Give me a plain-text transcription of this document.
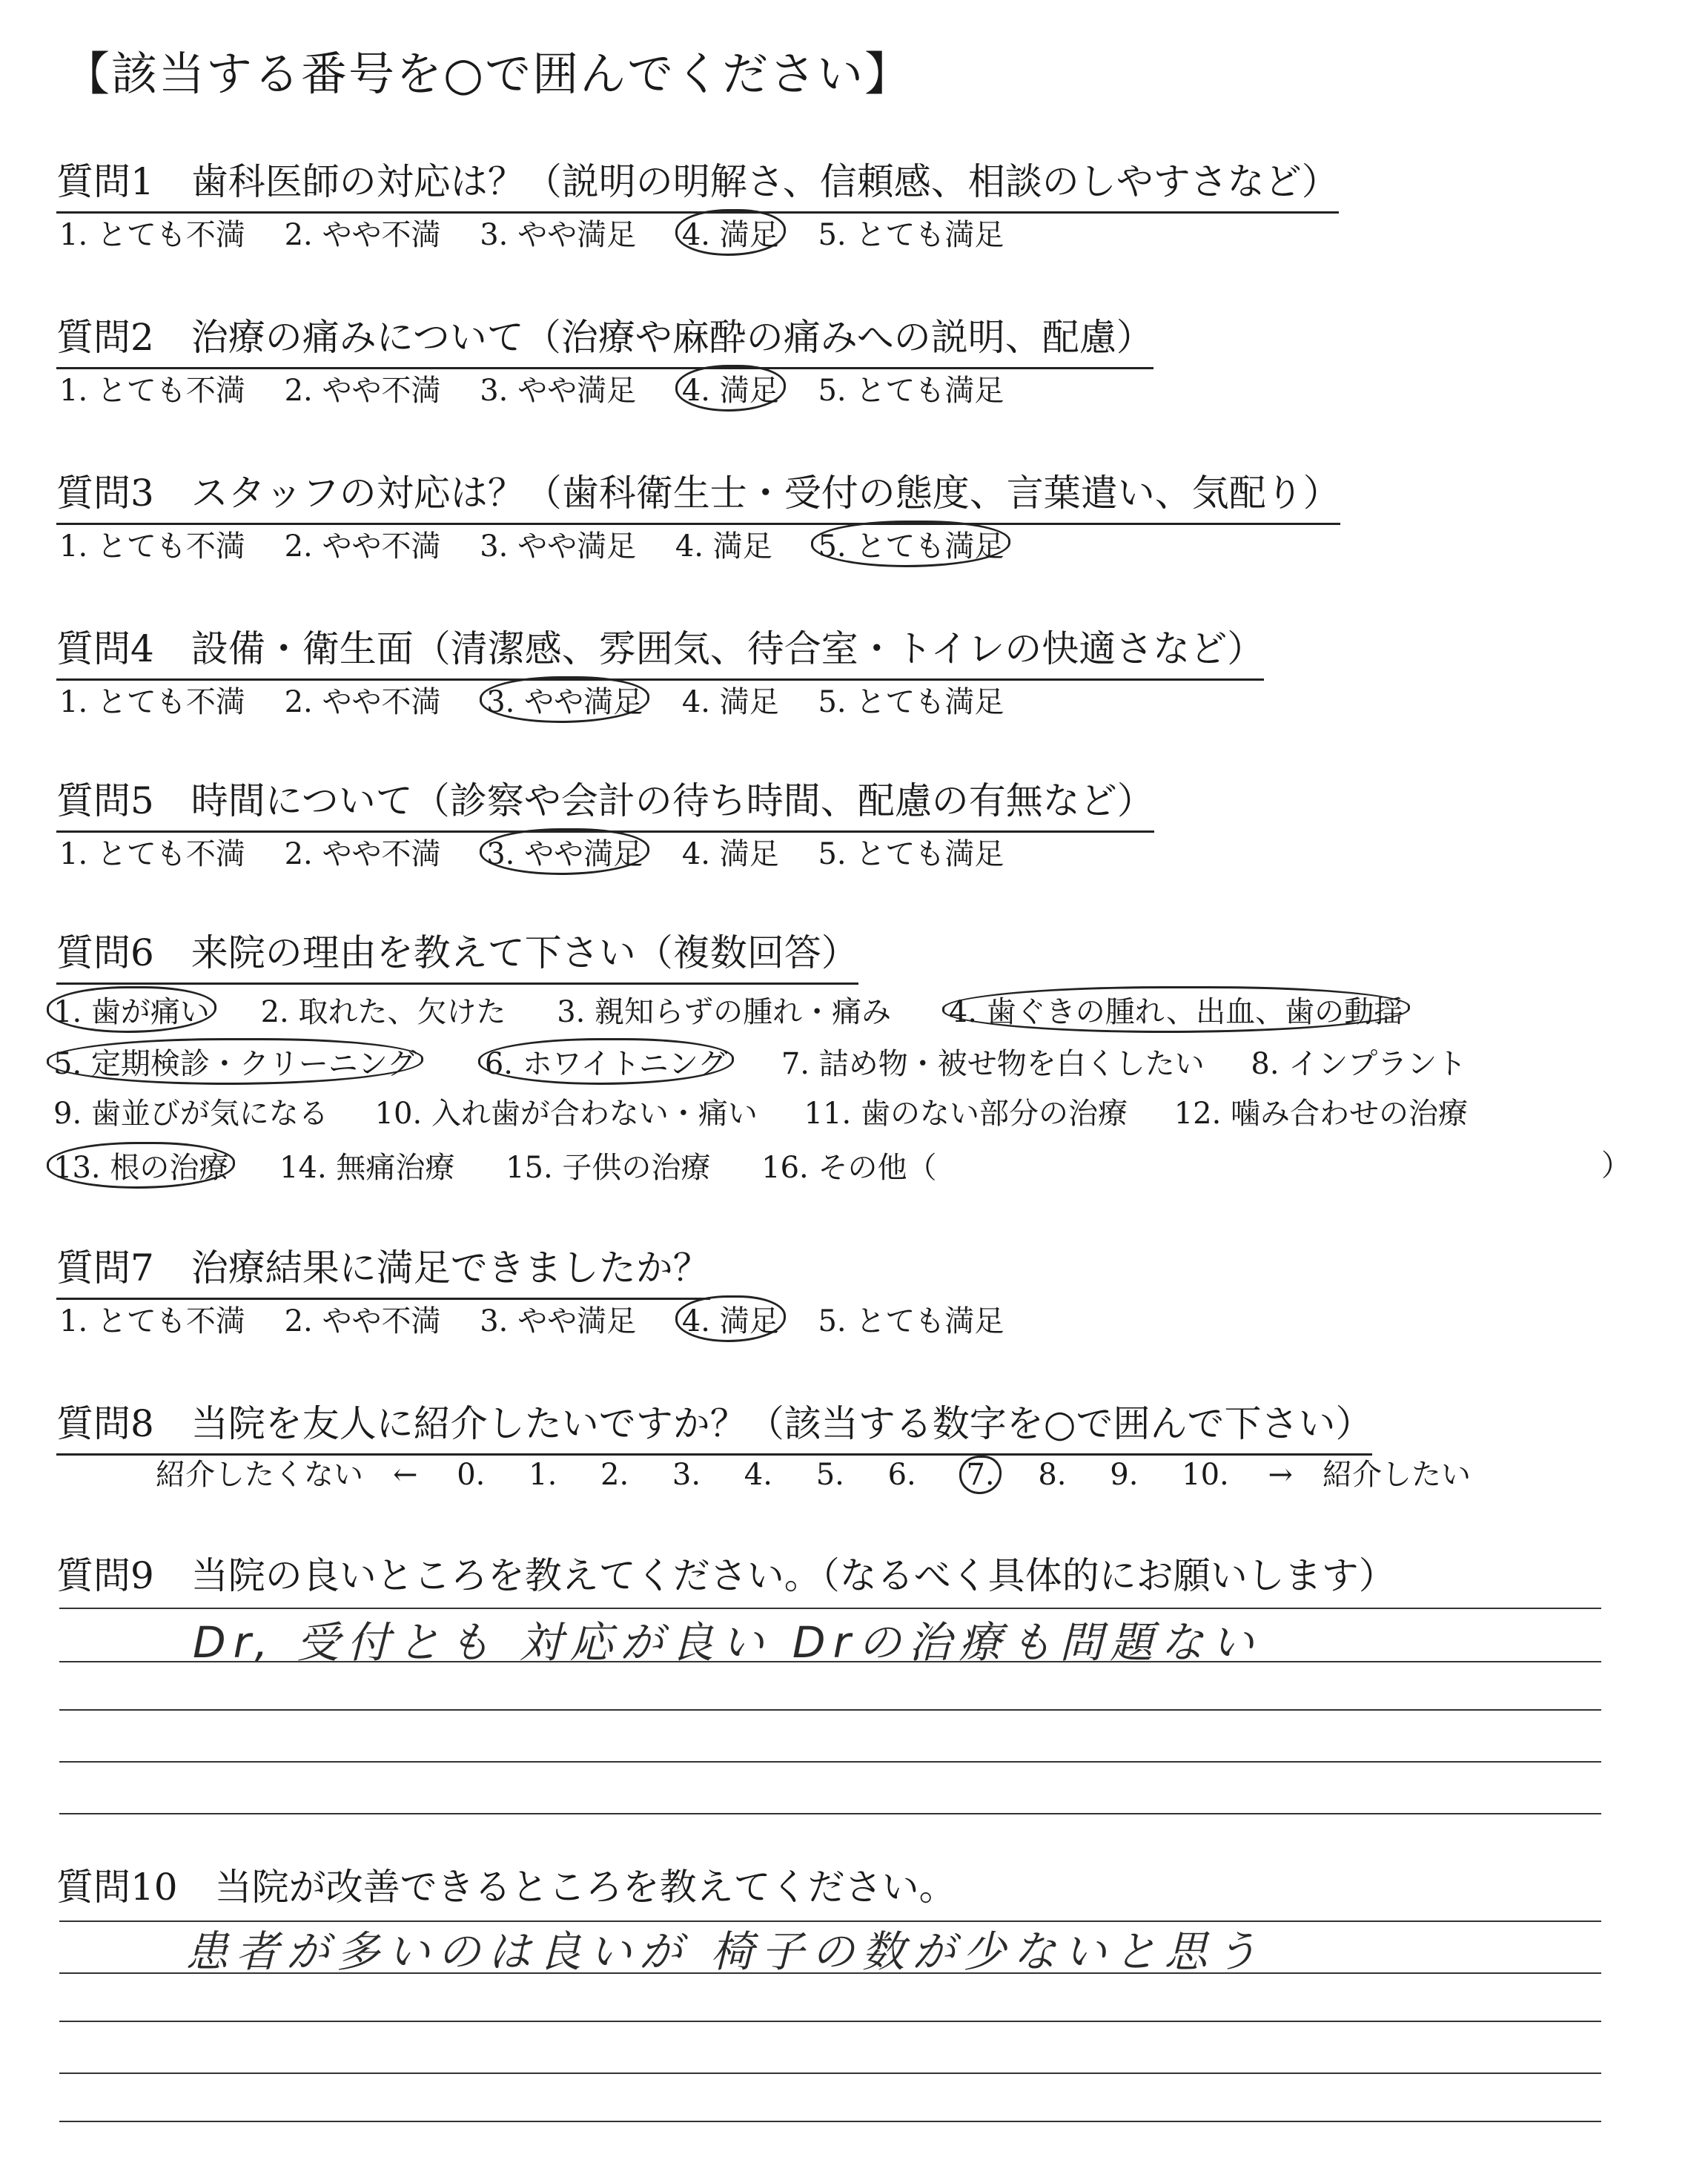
【該当する番号を○で囲んでください】
質問1　歯科医師の対応は？（説明の明解さ、信頼感、相談のしやすさなど）
1. とても不満 2. やや不満 3. やや満足 4. 満足 5. とても満足
質問2　治療の痛みについて（治療や麻酔の痛みへの説明、配慮）
1. とても不満 2. やや不満 3. やや満足 4. 満足 5. とても満足
質問3　スタッフの対応は？（歯科衛生士・受付の態度、言葉遣い、気配り）
1. とても不満 2. やや不満 3. やや満足 4. 満足 5. とても満足
質問4　設備・衛生面（清潔感、雰囲気、待合室・トイレの快適さなど）
1. とても不満 2. やや不満 3. やや満足 4. 満足 5. とても満足
質問5　時間について（診察や会計の待ち時間、配慮の有無など）
1. とても不満 2. やや不満 3. やや満足 4. 満足 5. とても満足
質問6　来院の理由を教えて下さい（複数回答）
1. 歯が痛い 2. 取れた、欠けた 3. 親知らずの腫れ・痛み 4. 歯ぐきの腫れ、出血、歯の動揺
5. 定期検診・クリーニング 6. ホワイトニング 7. 詰め物・被せ物を白くしたい 8. インプラント
9. 歯並びが気になる 10. 入れ歯が合わない・痛い 11. 歯のない部分の治療 12. 噛み合わせの治療
13. 根の治療 14. 無痛治療 15. 子供の治療 16. その他（	）
質問7　治療結果に満足できましたか？
1. とても不満 2. やや不満 3. やや満足 4. 満足 5. とても満足
質問8　当院を友人に紹介したいですか？（該当する数字を○で囲んで下さい）
紹介したくない　← 0. 1. 2. 3. 4. 5. 6. 7. 8. 9. 10. →　紹介したい
質問9　当院の良いところを教えてください。（なるべく具体的にお願いします）
Dr, 受付とも 対応が良い Drの治療も問題ない
質問10　当院が改善できるところを教えてください。
患者が多いのは良いが 椅子の数が少ないと思う
